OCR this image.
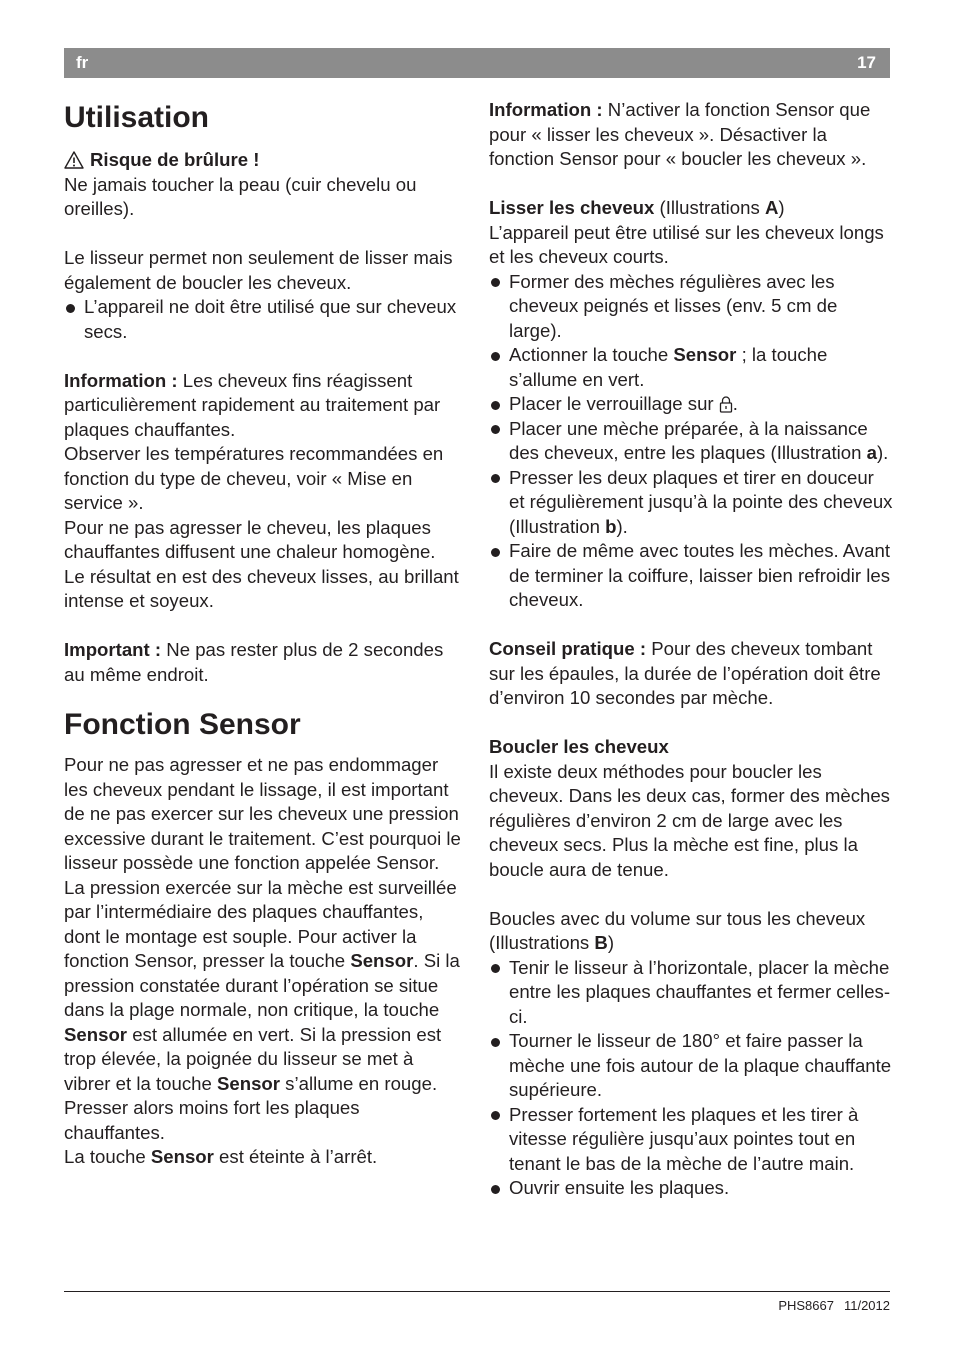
fr	17
Utilisation

Risque de brûlure !

Ne jamais toucher la peau (cuir chevelu ou oreilles).

Le lisseur permet non seulement de lisser mais également de boucler les cheveux.

L’appareil ne doit être utilisé que sur cheveux secs.

Information : Les cheveux fins réagissent particulièrement rapidement au traitement par plaques chauffantes.

Observer les températures recommandées en fonction du type de cheveu, voir « Mise en service ».

Pour ne pas agresser le cheveu, les plaques chauffantes diffusent une chaleur homogène.

Le résultat en est des cheveux lisses, au brillant intense et soyeux.

Important : Ne pas rester plus de 2 secondes au même endroit.

Fonction Sensor

Pour ne pas agresser et ne pas endommager les cheveux pendant le lissage, il est important de ne pas exercer sur les cheveux une pression excessive durant le traitement. C’est pourquoi le lisseur possède une fonction appelée Sensor. La pression exercée sur la mèche est surveillée par l’intermédiaire des plaques chauffantes, dont le montage est souple. Pour activer la fonction Sensor, presser la touche Sensor. Si la pression constatée durant l’opération se situe dans la plage normale, non critique, la touche Sensor est allumée en vert. Si la pression est trop élevée, la poignée du lisseur se met à vibrer et la touche Sensor s’allume en rouge. Presser alors moins fort les plaques chauffantes.

La touche Sensor est éteinte à l’arrêt.

Information : N’activer la fonction Sensor que pour « lisser les cheveux ». Désactiver la fonction Sensor pour « boucler les cheveux ».

Lisser les cheveux (Illustrations A)

L’appareil peut être utilisé sur les cheveux longs et les cheveux courts.

Former des mèches régulières avec les cheveux peignés et lisses (env. 5 cm de large).
Actionner la touche Sensor ; la touche s’allume en vert.
Placer le verrouillage sur .
Placer une mèche préparée, à la naissance des cheveux, entre les plaques (Illustration a).
Presser les deux plaques et tirer en douceur et régulièrement jusqu’à la pointe des cheveux (Illustration b).
Faire de même avec toutes les mèches. Avant de terminer la coiffure, laisser bien refroidir les cheveux.

Conseil pratique : Pour des cheveux tombant sur les épaules, la durée de l’opération doit être d’environ 10 secondes par mèche.

Boucler les cheveux

Il existe deux méthodes pour boucler les cheveux. Dans les deux cas, former des mèches régulières d’environ 2 cm de large avec les cheveux secs. Plus la mèche est fine, plus la boucle aura de tenue.

Boucles avec du volume sur tous les cheveux (Illustrations B)

Tenir le lisseur à l’horizontale, placer la mèche entre les plaques chauffantes et fermer celles-ci.
Tourner le lisseur de 180° et faire passer la mèche une fois autour de la plaque chauffante supérieure.
Presser fortement les plaques et les tirer à vitesse régulière jusqu’aux pointes tout en tenant le bas de la mèche de l’autre main.
Ouvrir ensuite les plaques.
PHS8667 11/2012
